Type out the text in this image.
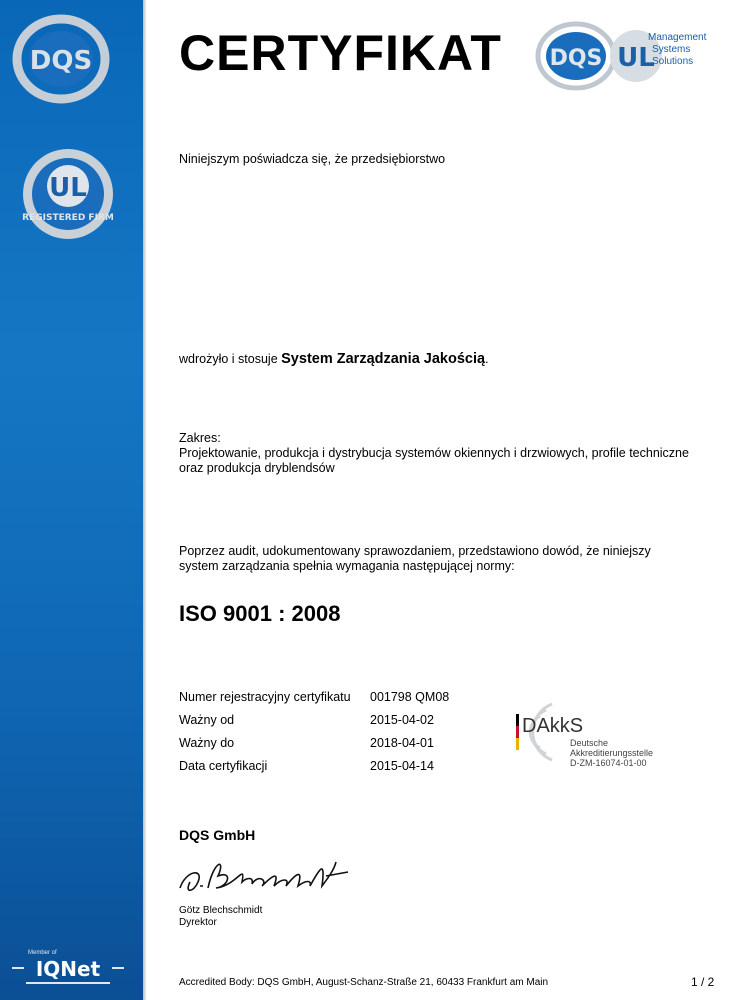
DQS
UL
REGISTERED FIRM
CERTYFIKAT DQS UL
Management
Systems
Solutions
Niniejszym poświadcza się, że przedsiębiorstwo
wdrożyło i stosuje System Zarządzania Jakością.
Zakres:
Projektowanie, produkcja i dystrybucja systemów okiennych i drzwiowych, profile techniczne
oraz produkcja dryblendsów
Poprzez audit, udokumentowany sprawozdaniem, przedstawiono dowód, że niniejszy
system zarządzania spełnia wymagania następującej normy:
ISO 9001 : 2008
Numer rejestracyjny certyfikatu	001798 QM08
Ważny od	2015-04-02
Ważny do	2018-04-01
Data certyfikacji	2015-04-14
DAkkS
Deutsche
Akkreditierungsstelle
D-ZM-16074-01-00
DQS GmbH
Götz Blechschmidt
Dyrektor
Accredited Body: DQS GmbH, August-Schanz-Straße 21, 60433 Frankfurt am Main	1 / 2
Member of
IQNet
